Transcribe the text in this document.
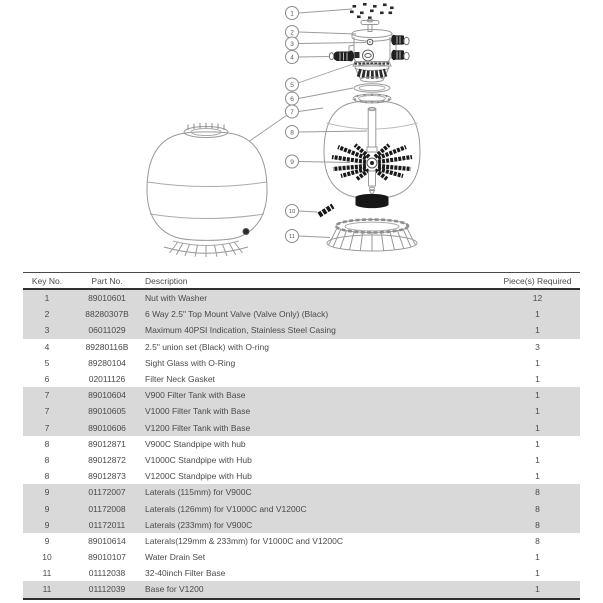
1
2
3
4
5
6
7
8
9
10
11
Key No.	Part No.	Description	Piece(s) Required
1	89010601	Nut with Washer	12
2	88280307B	6 Way 2.5" Top Mount Valve (Valve Only) (Black)	1
3	06011029	Maximum 40PSI Indication, Stainless Steel Casing	1
4	89280116B	2.5" union set (Black) with O-ring	3
5	89280104	Sight Glass with O-Ring	1
6	02011126	Filter Neck Gasket	1
7	89010604	V900 Filter Tank with Base	1
7	89010605	V1000 Filter Tank with Base	1
7	89010606	V1200 Filter Tank with Base	1
8	89012871	V900C Standpipe with hub	1
8	89012872	V1000C Standpipe with Hub	1
8	89012873	V1200C Standpipe with Hub	1
9	01172007	Laterals (115mm) for V900C	8
9	01172008	Laterals (126mm) for V1000C and V1200C	8
9	01172011	Laterals (233mm) for V900C	8
9	89010614	Laterals(129mm & 233mm) for V1000C and V1200C	8
10	89010107	Water Drain Set	1
11	01112038	32-40inch Filter Base	1
11	01112039	Base for V1200	1
